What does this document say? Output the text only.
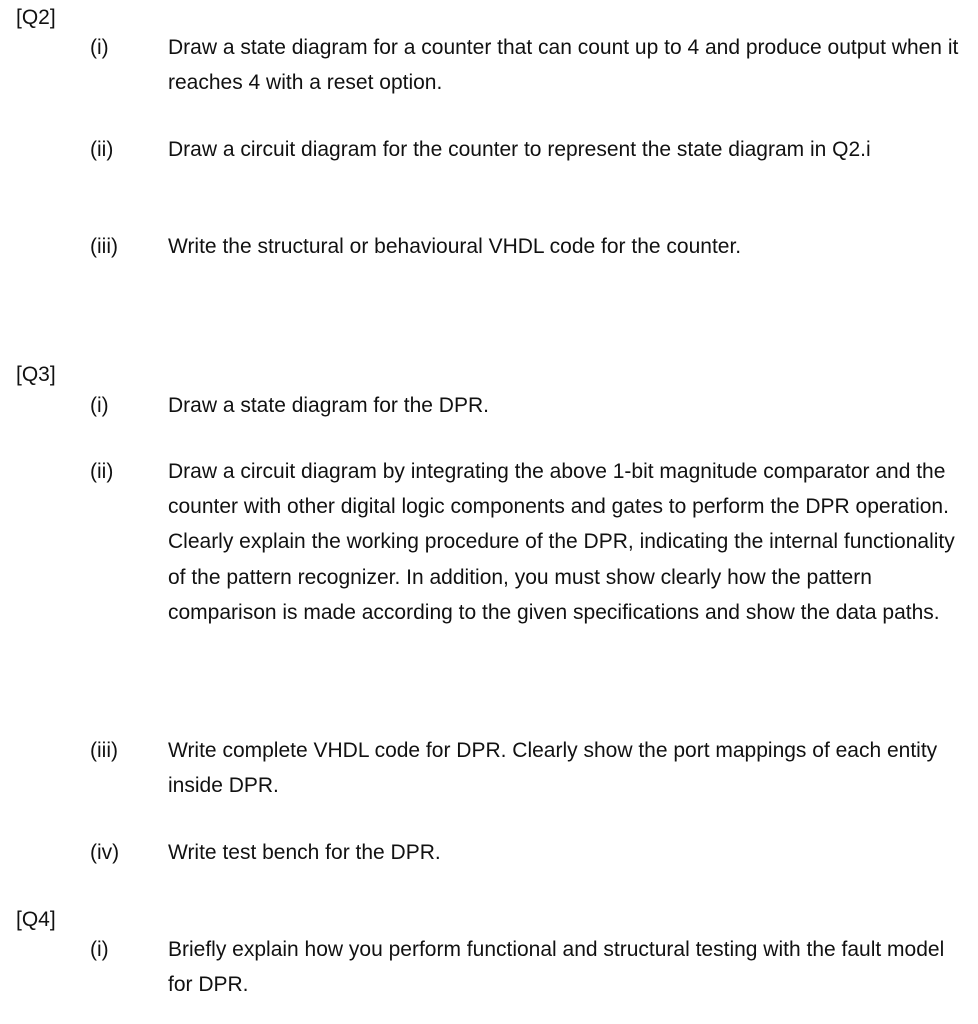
[Q2]
(i)	Draw a state diagram for a counter that can count up to 4 and produce output when it reaches 4 with a reset option.
(ii)	Draw a circuit diagram for the counter to represent the state diagram in Q2.i
(iii) Write the structural or behavioural VHDL code for the counter.
[Q3]
(i)	Draw a state diagram for the DPR.
(ii)	Draw a circuit diagram by integrating the above 1-bit magnitude comparator and the counter with other digital logic components and gates to perform the DPR operation. Clearly explain the working procedure of the DPR, indicating the internal functionality of the pattern recognizer. In addition, you must show clearly how the pattern comparison is made according to the given specifications and show the data paths.
(iii) Write complete VHDL code for DPR. Clearly show the port mappings of each entity inside DPR.
(iv) Write test bench for the DPR.
[Q4]
(i)	Briefly explain how you perform functional and structural testing with the fault model for DPR.
